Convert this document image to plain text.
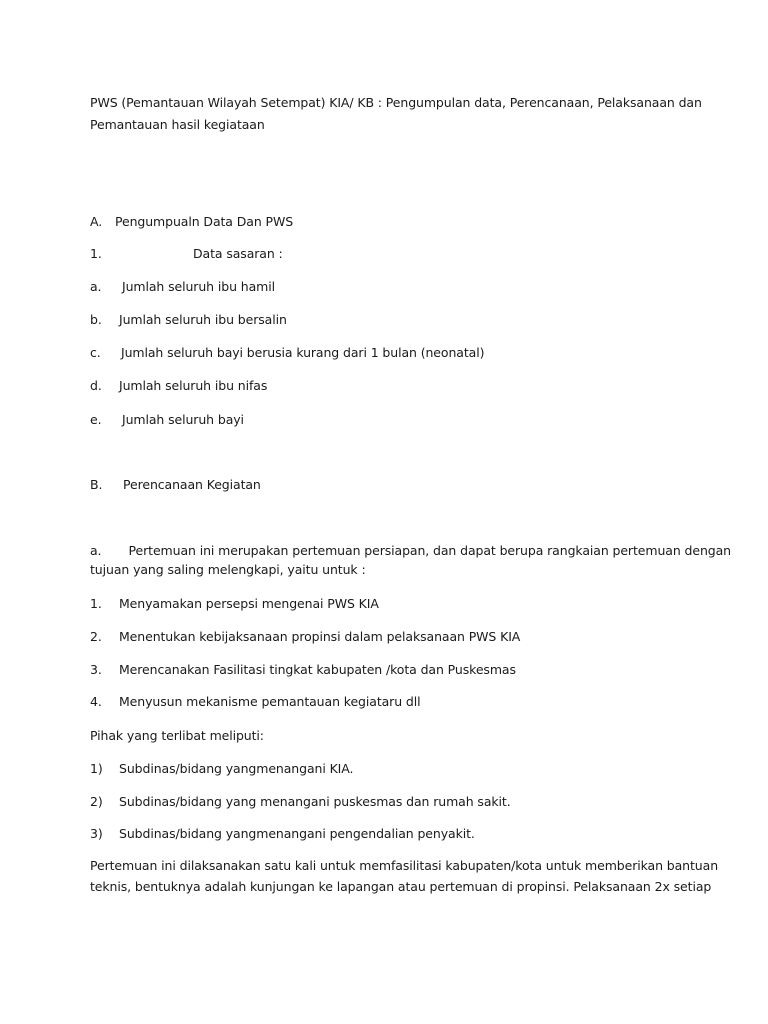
PWS (Pemantauan Wilayah Setempat) KIA/ KB : Pengumpulan data, Perencanaan, Pelaksanaan dan
Pemantauan hasil kegiataan
A. Pengumpualn Data Dan PWS
1.	Data sasaran :
a. Jumlah seluruh ibu hamil
b. Jumlah seluruh ibu bersalin
c. Jumlah seluruh bayi berusia kurang dari 1 bulan (neonatal)
d. Jumlah seluruh ibu nifas
e. Jumlah seluruh bayi
B. Perencanaan Kegiatan
a.       Pertemuan ini merupakan pertemuan persiapan, dan dapat berupa rangkaian pertemuan dengan
tujuan yang saling melengkapi, yaitu untuk :
1. Menyamakan persepsi mengenai PWS KIA
2. Menentukan kebijaksanaan propinsi dalam pelaksanaan PWS KIA
3. Merencanakan Fasilitasi tingkat kabupaten /kota dan Puskesmas
4. Menyusun mekanisme pemantauan kegiataru dll
Pihak yang terlibat meliputi:
1) Subdinas/bidang yangmenangani KIA.
2) Subdinas/bidang yang menangani puskesmas dan rumah sakit.
3) Subdinas/bidang yangmenangani pengendalian penyakit.
Pertemuan ini dilaksanakan satu kali untuk memfasilitasi kabupaten/kota untuk memberikan bantuan
teknis, bentuknya adalah kunjungan ke lapangan atau pertemuan di propinsi. Pelaksanaan 2x setiap
